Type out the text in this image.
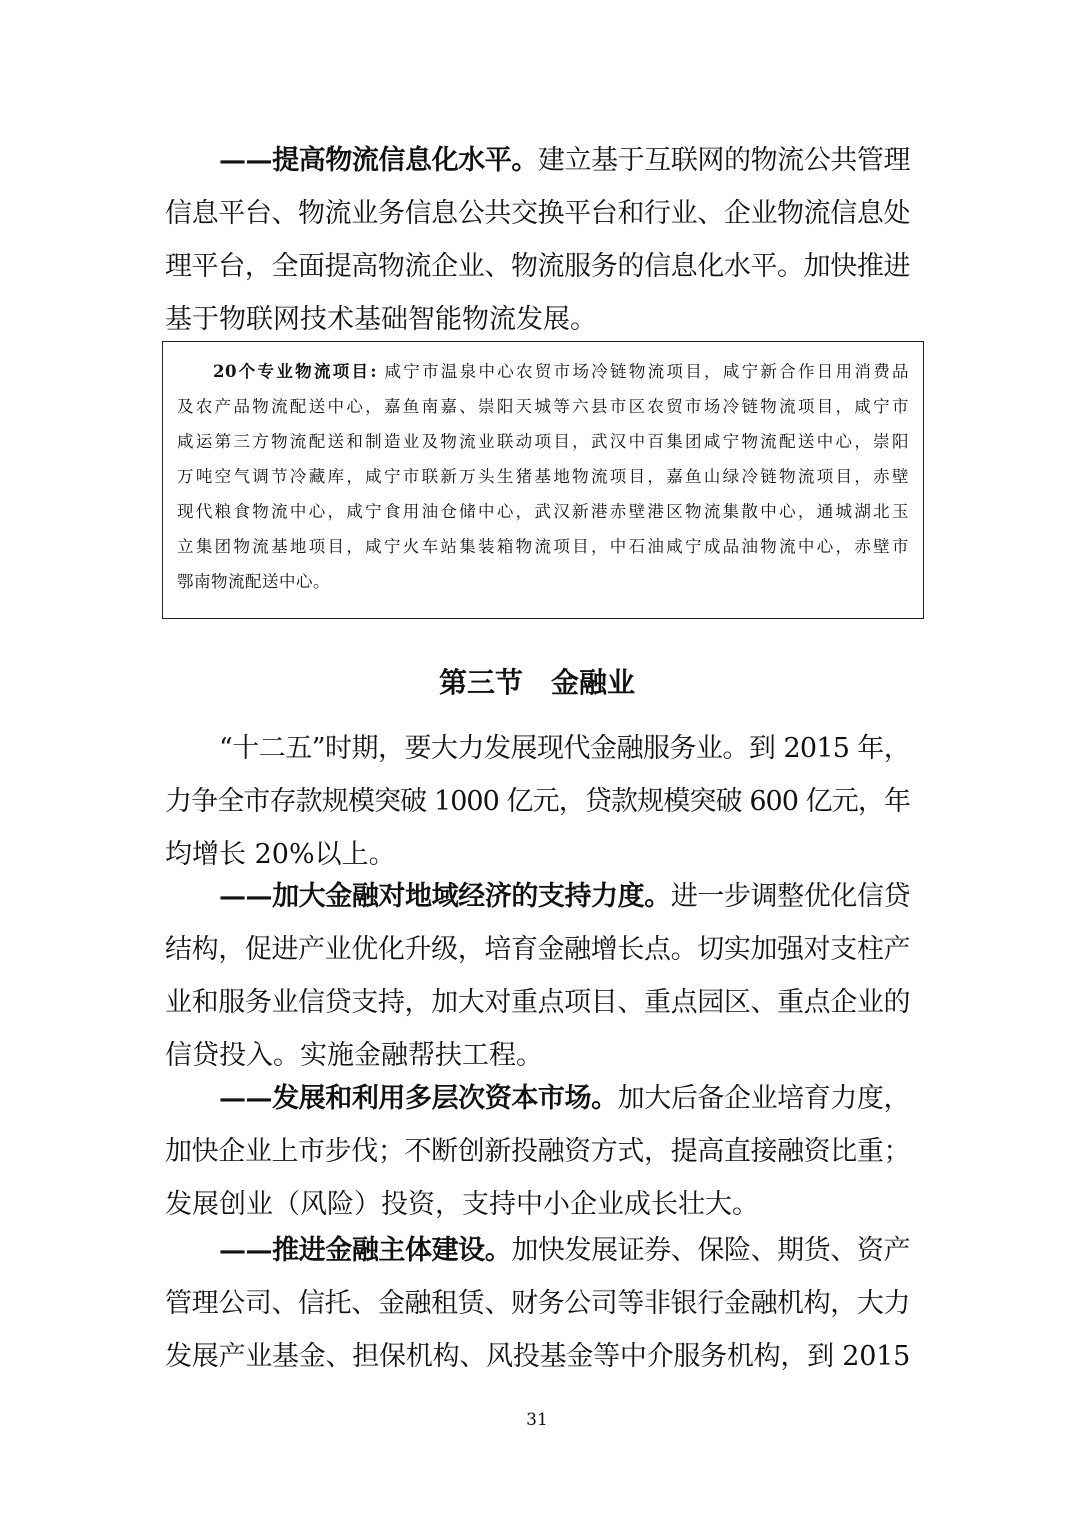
——提高物流信息化水平。建立基于互联网的物流公共管理
信息平台、物流业务信息公共交换平台和行业、企业物流信息处
理平台，全面提高物流企业、物流服务的信息化水平。加快推进
基于物联网技术基础智能物流发展。
20个专业物流项目: 咸宁市温泉中心农贸市场冷链物流项目，咸宁新合作日用消费品
及农产品物流配送中心，嘉鱼南嘉、崇阳天城等六县市区农贸市场冷链物流项目，咸宁市
咸运第三方物流配送和制造业及物流业联动项目，武汉中百集团咸宁物流配送中心，崇阳
万吨空气调节冷藏库，咸宁市联新万头生猪基地物流项目，嘉鱼山绿冷链物流项目，赤壁
现代粮食物流中心，咸宁食用油仓储中心，武汉新港赤壁港区物流集散中心，通城湖北玉
立集团物流基地项目，咸宁火车站集装箱物流项目，中石油咸宁成品油物流中心，赤壁市
鄂南物流配送中心。
第三节　金融业
“十二五”时期，要大力发展现代金融服务业。到 2015 年，
力争全市存款规模突破 1000 亿元，贷款规模突破 600 亿元，年
均增长 20%以上。
——加大金融对地域经济的支持力度。进一步调整优化信贷
结构，促进产业优化升级，培育金融增长点。切实加强对支柱产
业和服务业信贷支持，加大对重点项目、重点园区、重点企业的
信贷投入。实施金融帮扶工程。
——发展和利用多层次资本市场。加大后备企业培育力度，
加快企业上市步伐；不断创新投融资方式，提高直接融资比重；
发展创业（风险）投资，支持中小企业成长壮大。
——推进金融主体建设。加快发展证券、保险、期货、资产
管理公司、信托、金融租赁、财务公司等非银行金融机构，大力
发展产业基金、担保机构、风投基金等中介服务机构，到 2015
31
